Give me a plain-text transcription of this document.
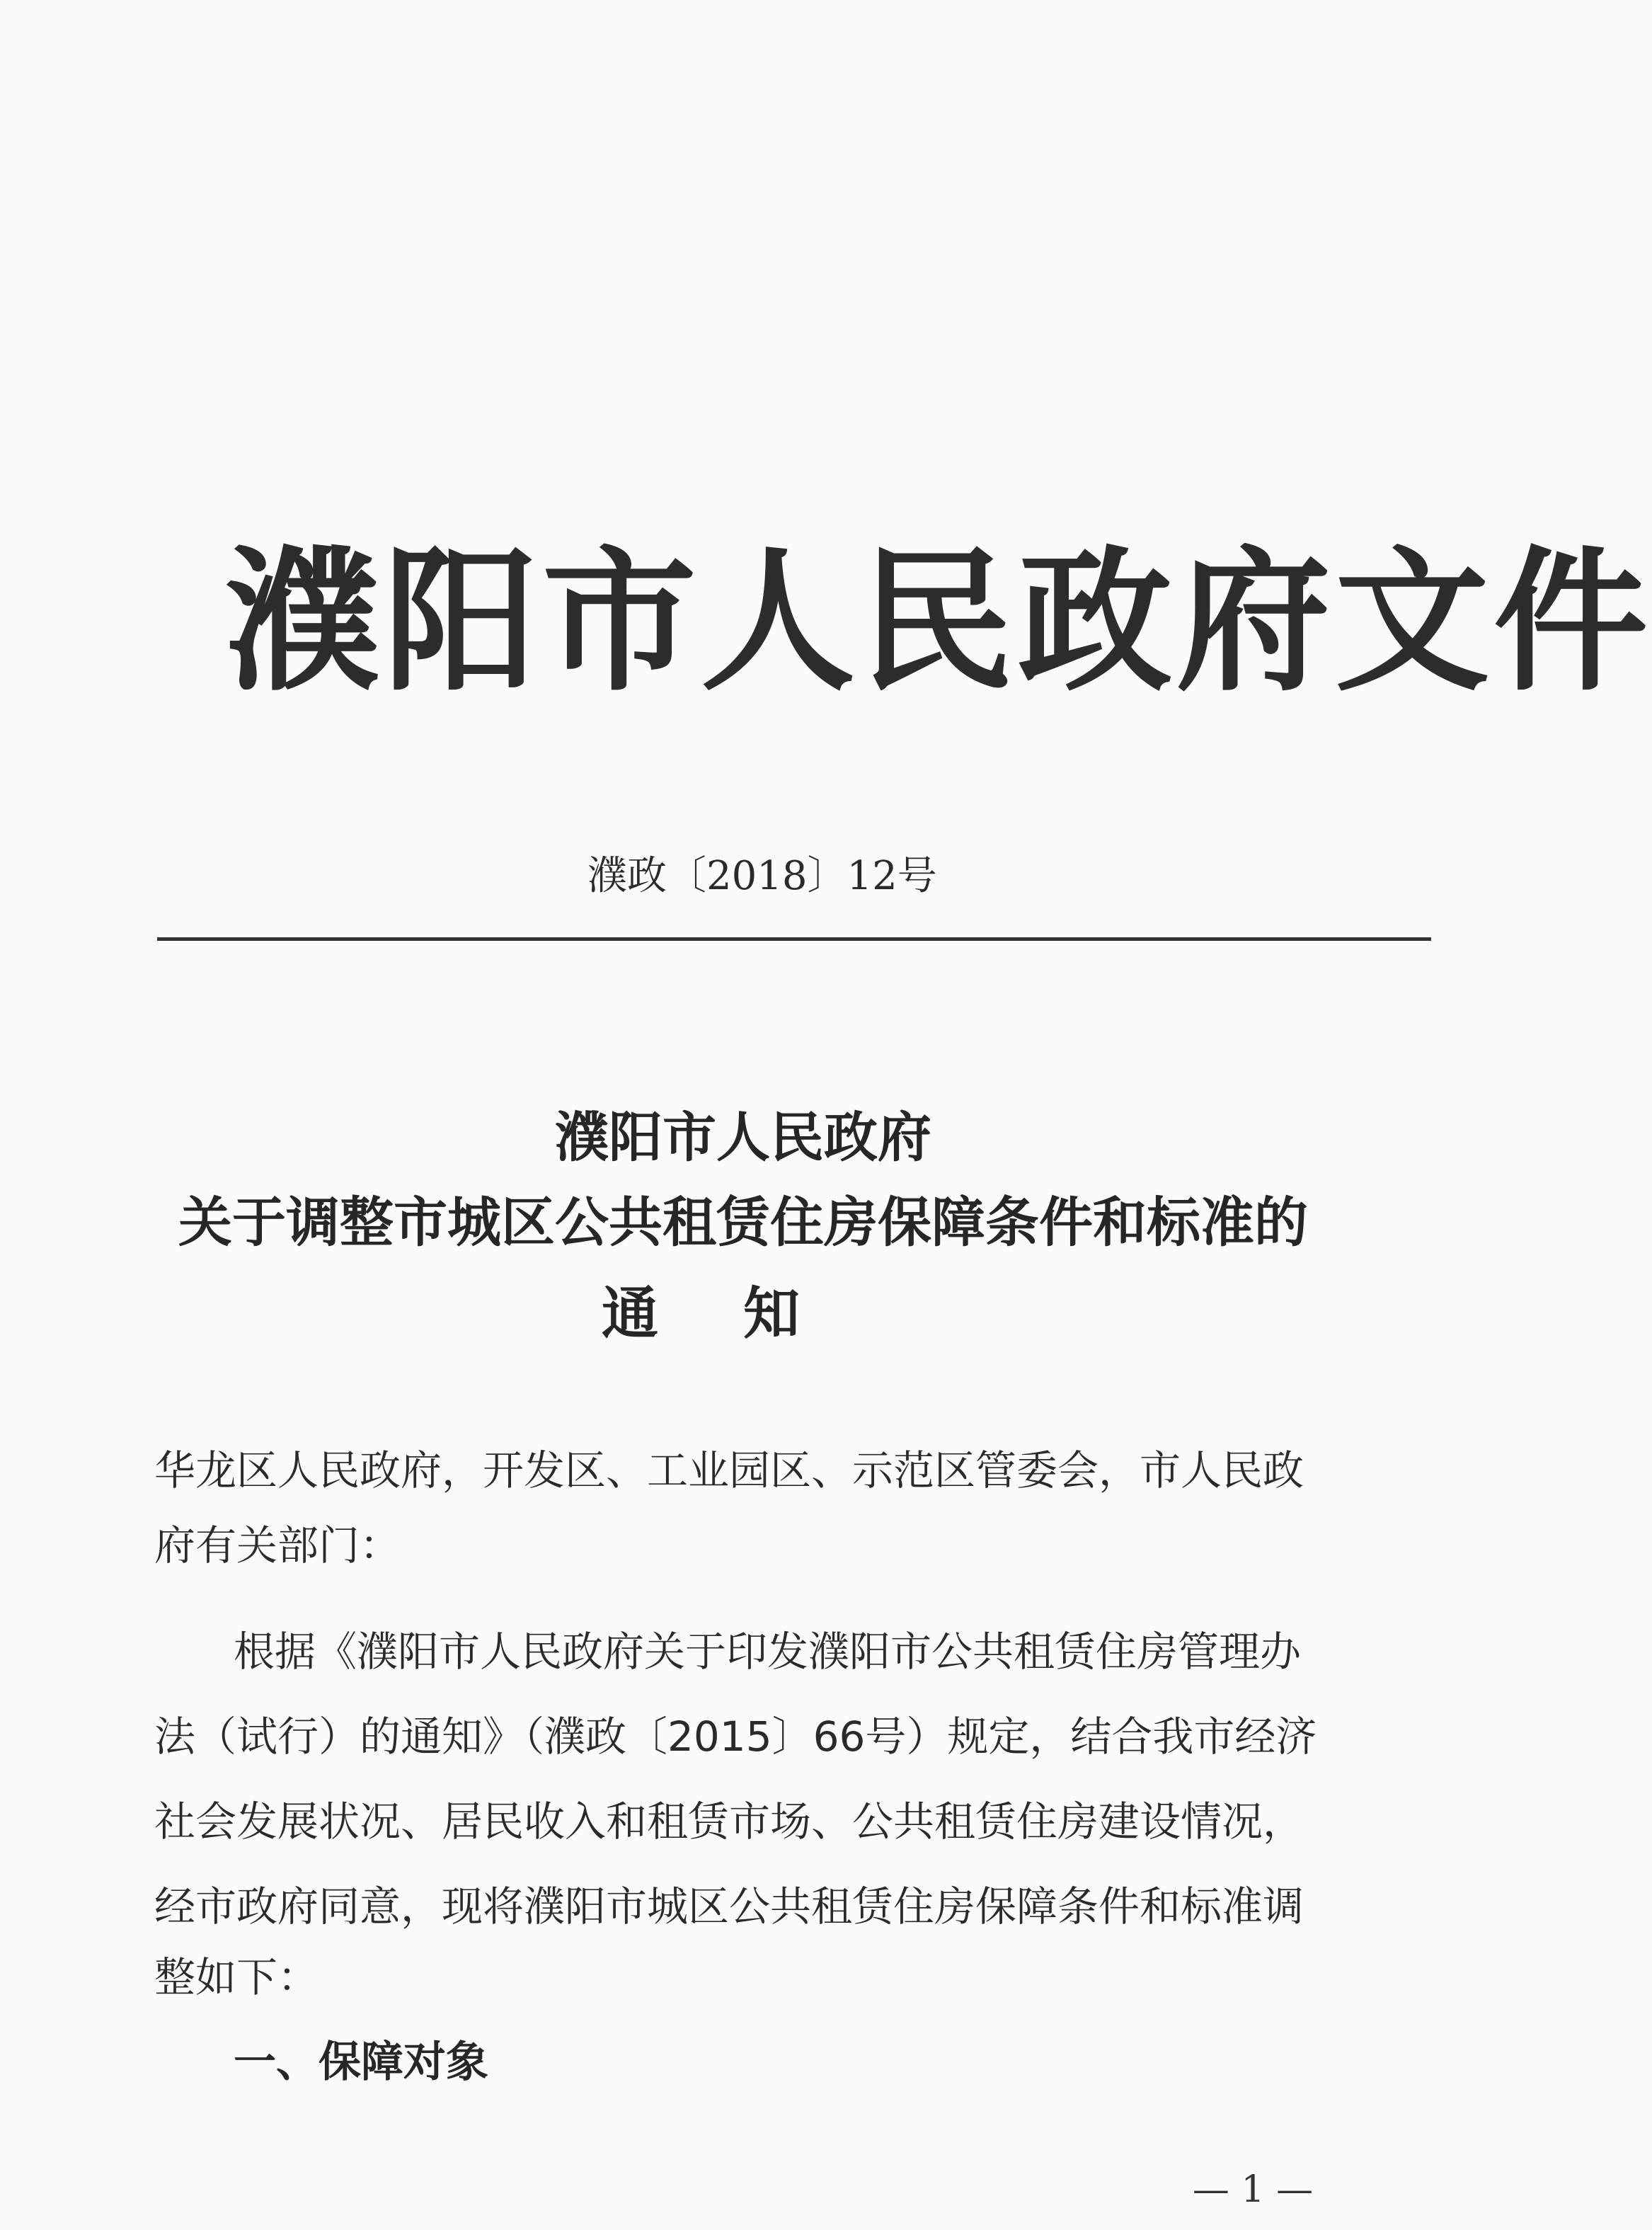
濮阳市人民政府文件
濮政〔2018〕12号
濮阳市人民政府
关于调整市城区公共租赁住房保障条件和标准的
通知
华龙区人民政府，开发区、工业园区、示范区管委会，市人民政
府有关部门：
根据《濮阳市人民政府关于印发濮阳市公共租赁住房管理办
法（试行）的通知》（濮政〔2015〕66号）规定，结合我市经济
社会发展状况、居民收入和租赁市场、公共租赁住房建设情况，
经市政府同意，现将濮阳市城区公共租赁住房保障条件和标准调
整如下：
一、保障对象
— 1 —
